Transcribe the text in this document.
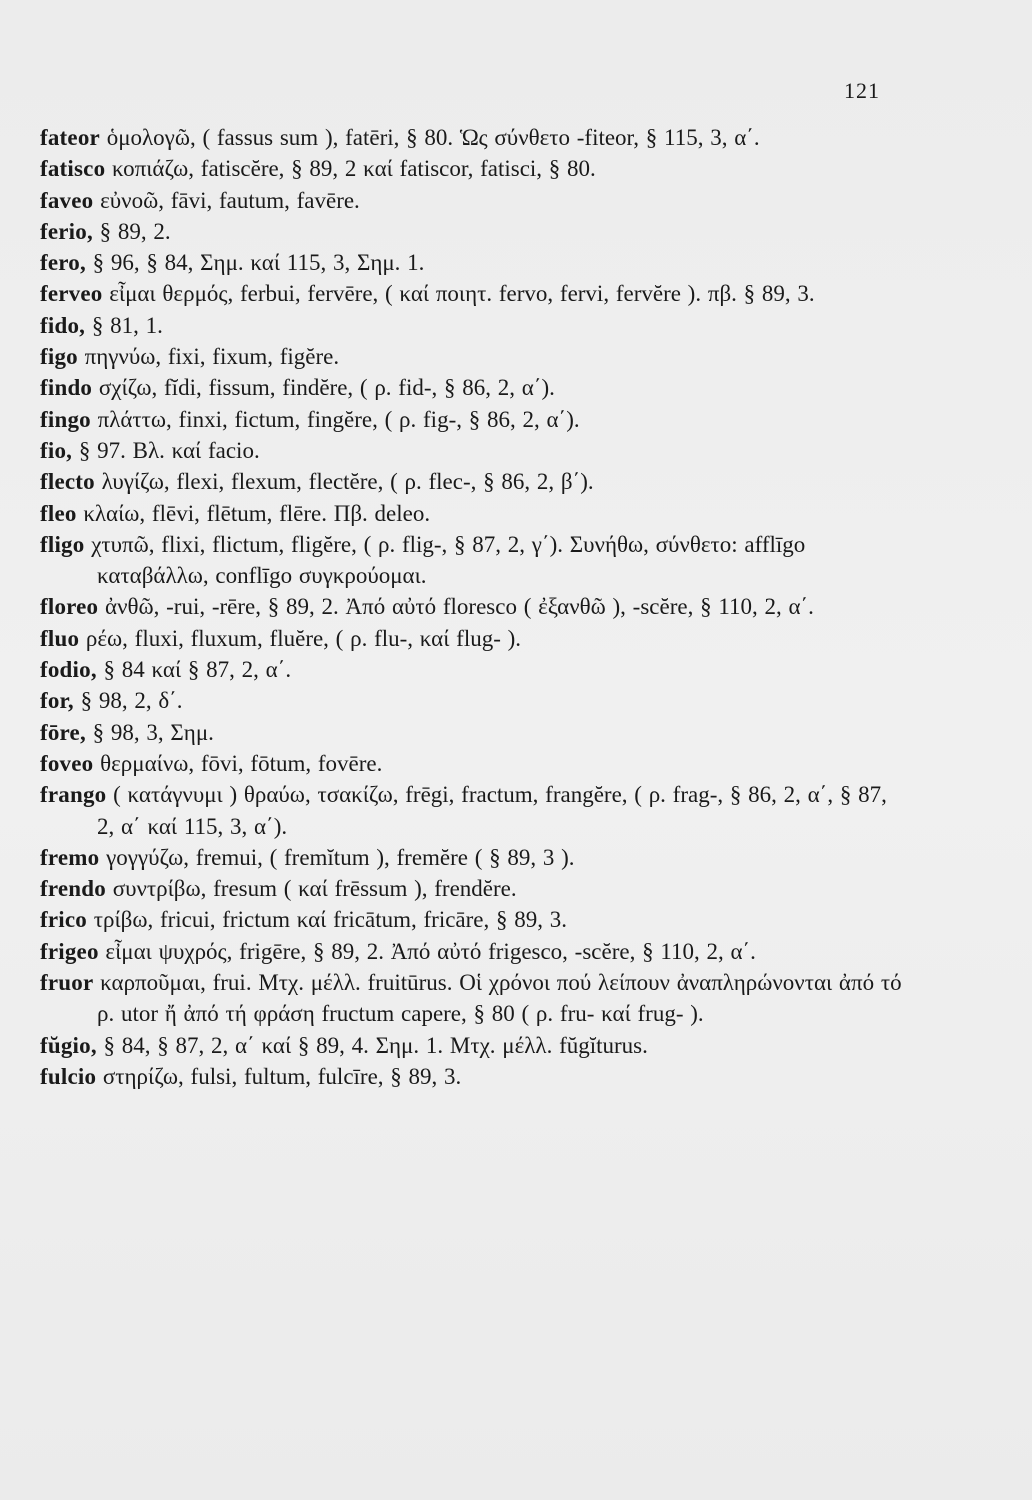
121

fateor ὁμολογῶ, ( fassus sum ), fatēri, § 80. Ὡς σύνθετο -fiteor, § 115, 3, α΄.

fatisco κοπιάζω, fatiscĕre, § 89, 2 καί fatiscor, fatisci, § 80.

faveo εὐνοῶ, fāvi, fautum, favēre.

ferio, § 89, 2.

fero, § 96, § 84, Σημ. καί 115, 3, Σημ. 1.

ferveo εἶμαι θερμός, ferbui, fervēre, ( καί ποιητ. fervo, fervi, fervĕre ). πβ. § 89, 3.

fido, § 81, 1.

figo πηγνύω, fixi, fixum, figĕre.

findo σχίζω, fĭdi, fissum, findĕre, ( ρ. fid-, § 86, 2, α΄).

fingo πλάττω, finxi, fictum, fingĕre, ( ρ. fig-, § 86, 2, α΄).

fio, § 97. Βλ. καί facio.

flecto λυγίζω, flexi, flexum, flectĕre, ( ρ. flec-, § 86, 2, β΄).

fleo κλαίω, flēvi, flētum, flēre. Πβ. deleo.

fligo χτυπῶ, flixi, flictum, fligĕre, ( ρ. flig-, § 87, 2, γ΄). Συνήθω, σύνθετο: afflīgo καταβάλλω, conflīgo συγκρούομαι.

floreo ἀνθῶ, -rui, -rēre, § 89, 2. Ἀπό αὐτό floresco ( ἐξανθῶ ), -scĕre, § 110, 2, α΄.

fluo ρέω, fluxi, fluxum, fluĕre, ( ρ. flu-, καί flug- ).

fodio, § 84 καί § 87, 2, α΄.

for, § 98, 2, δ΄.

fōre, § 98, 3, Σημ.

foveo θερμαίνω, fōvi, fōtum, fovēre.

frango ( κατάγνυμι ) θραύω, τσακίζω, frēgi, fractum, frangĕre, ( ρ. frag-, § 86, 2, α΄, § 87, 2, α΄ καί 115, 3, α΄).

fremo γογγύζω, fremui, ( fremĭtum ), fremĕre ( § 89, 3 ).

frendo συντρίβω, fresum ( καί frēssum ), frendĕre.

frico τρίβω, fricui, frictum καί fricātum, fricāre, § 89, 3.

frigeo εἶμαι ψυχρός, frigēre, § 89, 2. Ἀπό αὐτό frigesco, -scĕre, § 110, 2, α΄.

fruor καρποῦμαι, frui. Μτχ. μέλλ. fruitūrus. Οἱ χρόνοι πού λείπουν ἀναπληρώνονται ἀπό τό ρ. utor ἤ ἀπό τή φράση fructum capere, § 80 ( ρ. fru- καί frug- ).

fŭgio, § 84, § 87, 2, α΄ καί § 89, 4. Σημ. 1. Μτχ. μέλλ. fŭgĭturus.

fulcio στηρίζω, fulsi, fultum, fulcīre, § 89, 3.
